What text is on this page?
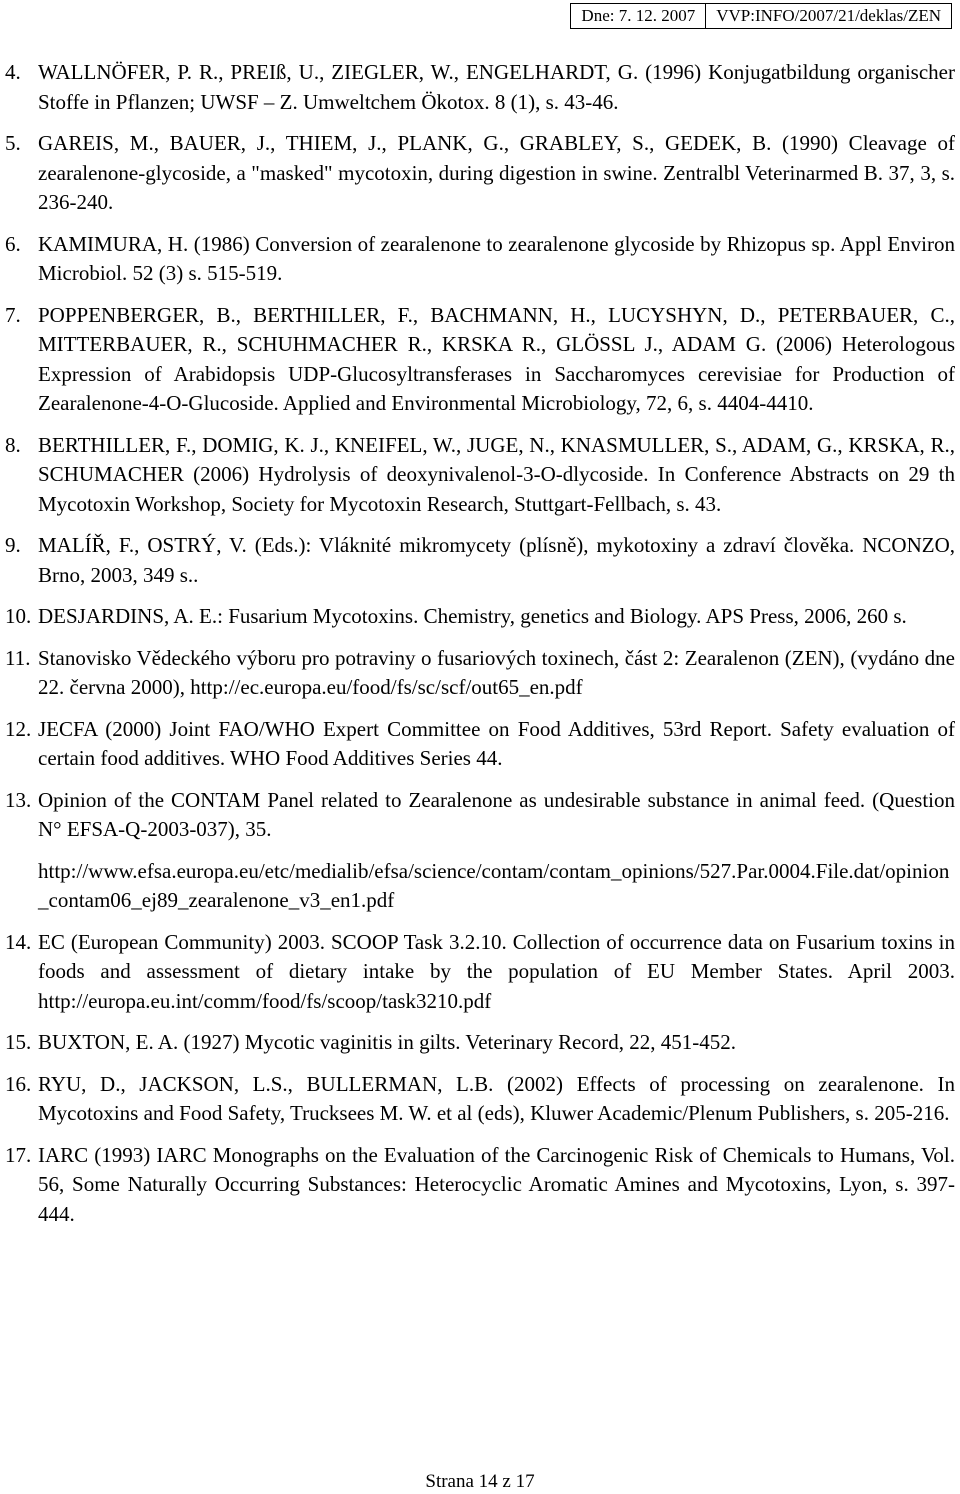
Dne: 7. 12. 2007	VVP:INFO/2007/21/deklas/ZEN
4. WALLNÖFER, P. R., PREIß, U., ZIEGLER, W., ENGELHARDT, G. (1996) Konjugatbildung organischer Stoffe in Pflanzen; UWSF – Z. Umweltchem Ökotox. 8 (1), s. 43-46.
5. GAREIS, M., BAUER, J., THIEM, J., PLANK, G., GRABLEY, S., GEDEK, B. (1990) Cleavage of zearalenone-glycoside, a "masked" mycotoxin, during digestion in swine. Zentralbl Veterinarmed B. 37, 3, s. 236-240.
6. KAMIMURA, H. (1986) Conversion of zearalenone to zearalenone glycoside by Rhizopus sp. Appl Environ Microbiol. 52 (3) s. 515-519.
7. POPPENBERGER, B., BERTHILLER, F., BACHMANN, H., LUCYSHYN, D., PETERBAUER, C., MITTERBAUER, R., SCHUHMACHER R., KRSKA R., GLÖSSL J., ADAM G. (2006) Heterologous Expression of Arabidopsis UDP-Glucosyltransferases in Saccharomyces cerevisiae for Production of Zearalenone-4-O-Glucoside. Applied and Environmental Microbiology, 72, 6, s. 4404-4410.
8. BERTHILLER, F., DOMIG, K. J., KNEIFEL, W., JUGE, N., KNASMULLER, S., ADAM, G., KRSKA, R., SCHUMACHER (2006) Hydrolysis of deoxynivalenol-3-O-dlycoside. In Conference Abstracts on 29 th Mycotoxin Workshop, Society for Mycotoxin Research, Stuttgart-Fellbach, s. 43.
9. MALÍŘ, F., OSTRÝ, V. (Eds.): Vláknité mikromycety (plísně), mykotoxiny a zdraví člověka. NCONZO, Brno, 2003, 349 s..
10. DESJARDINS, A. E.: Fusarium Mycotoxins. Chemistry, genetics and Biology. APS Press, 2006, 260 s.
11. Stanovisko Vědeckého výboru pro potraviny o fusariových toxinech, část 2: Zearalenon (ZEN), (vydáno dne 22. června 2000), http://ec.europa.eu/food/fs/sc/scf/out65_en.pdf
12. JECFA (2000) Joint FAO/WHO Expert Committee on Food Additives, 53rd Report. Safety evaluation of certain food additives. WHO Food Additives Series 44.
13. Opinion of the CONTAM Panel related to Zearalenone as undesirable substance in animal feed. (Question N° EFSA-Q-2003-037), 35.
http://www.efsa.europa.eu/etc/medialib/efsa/science/contam/contam_opinions/527.Par.0004.File.dat/opinion_contam06_ej89_zearalenone_v3_en1.pdf
14. EC (European Community) 2003. SCOOP Task 3.2.10. Collection of occurrence data on Fusarium toxins in foods and assessment of dietary intake by the population of EU Member States. April 2003. http://europa.eu.int/comm/food/fs/scoop/task3210.pdf
15. BUXTON, E. A. (1927) Mycotic vaginitis in gilts. Veterinary Record, 22, 451-452.
16. RYU, D., JACKSON, L.S., BULLERMAN, L.B. (2002) Effects of processing on zearalenone. In Mycotoxins and Food Safety, Trucksees M. W. et al (eds), Kluwer Academic/Plenum Publishers, s. 205-216.
17. IARC (1993) IARC Monographs on the Evaluation of the Carcinogenic Risk of Chemicals to Humans, Vol. 56, Some Naturally Occurring Substances: Heterocyclic Aromatic Amines and Mycotoxins, Lyon, s. 397-444.
Strana 14 z 17
